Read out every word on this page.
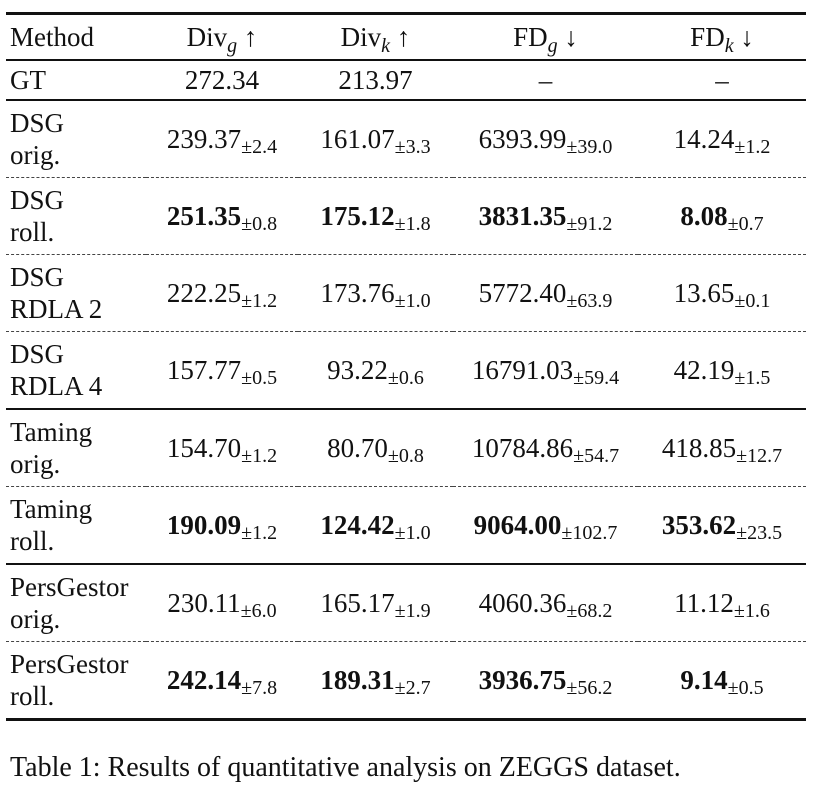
Method	Div$_g$ ↑	Div$_k$ ↑	$FD_g$ ↓	$FD_k$ ↓
GT	272.34	213.97	–	–

DSG
orig.	239.37±2.4	161.07±3.3	6393.99±39.0	14.24±1.2

DSG
roll.	251.35±0.8	175.12±1.8	3831.35±91.2	8.08±0.7

DSG
RDLA 2	222.25±1.2	173.76±1.0	5772.40±63.9	13.65±0.1

DSG
RDLA 4	157.77±0.5	93.22±0.6	16791.03±59.4	42.19±1.5

Taming
orig.	154.70±1.2	80.70±0.8	10784.86±54.7	418.85±12.7

Taming
roll.	190.09±1.2	124.42±1.0	9064.00±102.7	353.62±23.5

PersGestor
orig.	230.11±6.0	165.17±1.9	4060.36±68.2	11.12±1.6

PersGestor
roll.	242.14±7.8	189.31±2.7	3936.75±56.2	9.14±0.5
Table 1: Results of quantitative analysis on ZEGGS dataset.
